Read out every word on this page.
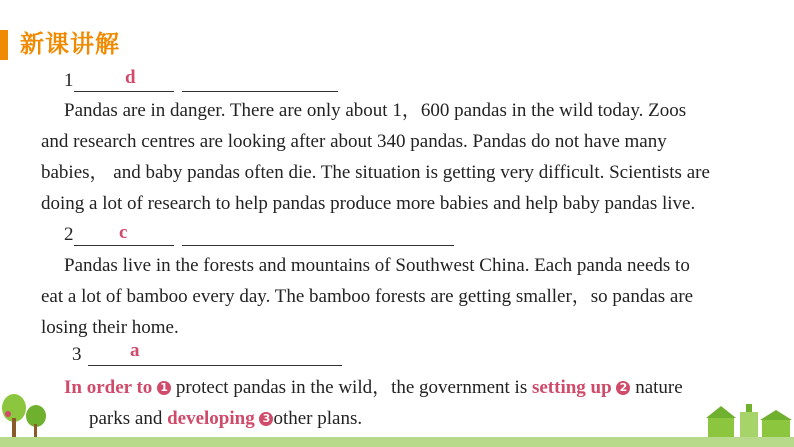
新课讲解
1	d
Pandas are in danger. There are only about 1，600 pandas in the wild today. Zoos
and research centres are looking after about 340 pandas. Pandas do not have many
babies， and baby pandas often die. The situation is getting very difficult. Scientists are
doing a lot of research to help pandas produce more babies and help baby pandas live.
2	c
Pandas live in the forests and mountains of Southwest China. Each panda needs to
eat a lot of bamboo every day. The bamboo forests are getting smaller，so pandas are
losing their home.
3	a
In order to 1 protect pandas in the wild，the government is setting up 2 nature
parks and developing 3 other plans.
